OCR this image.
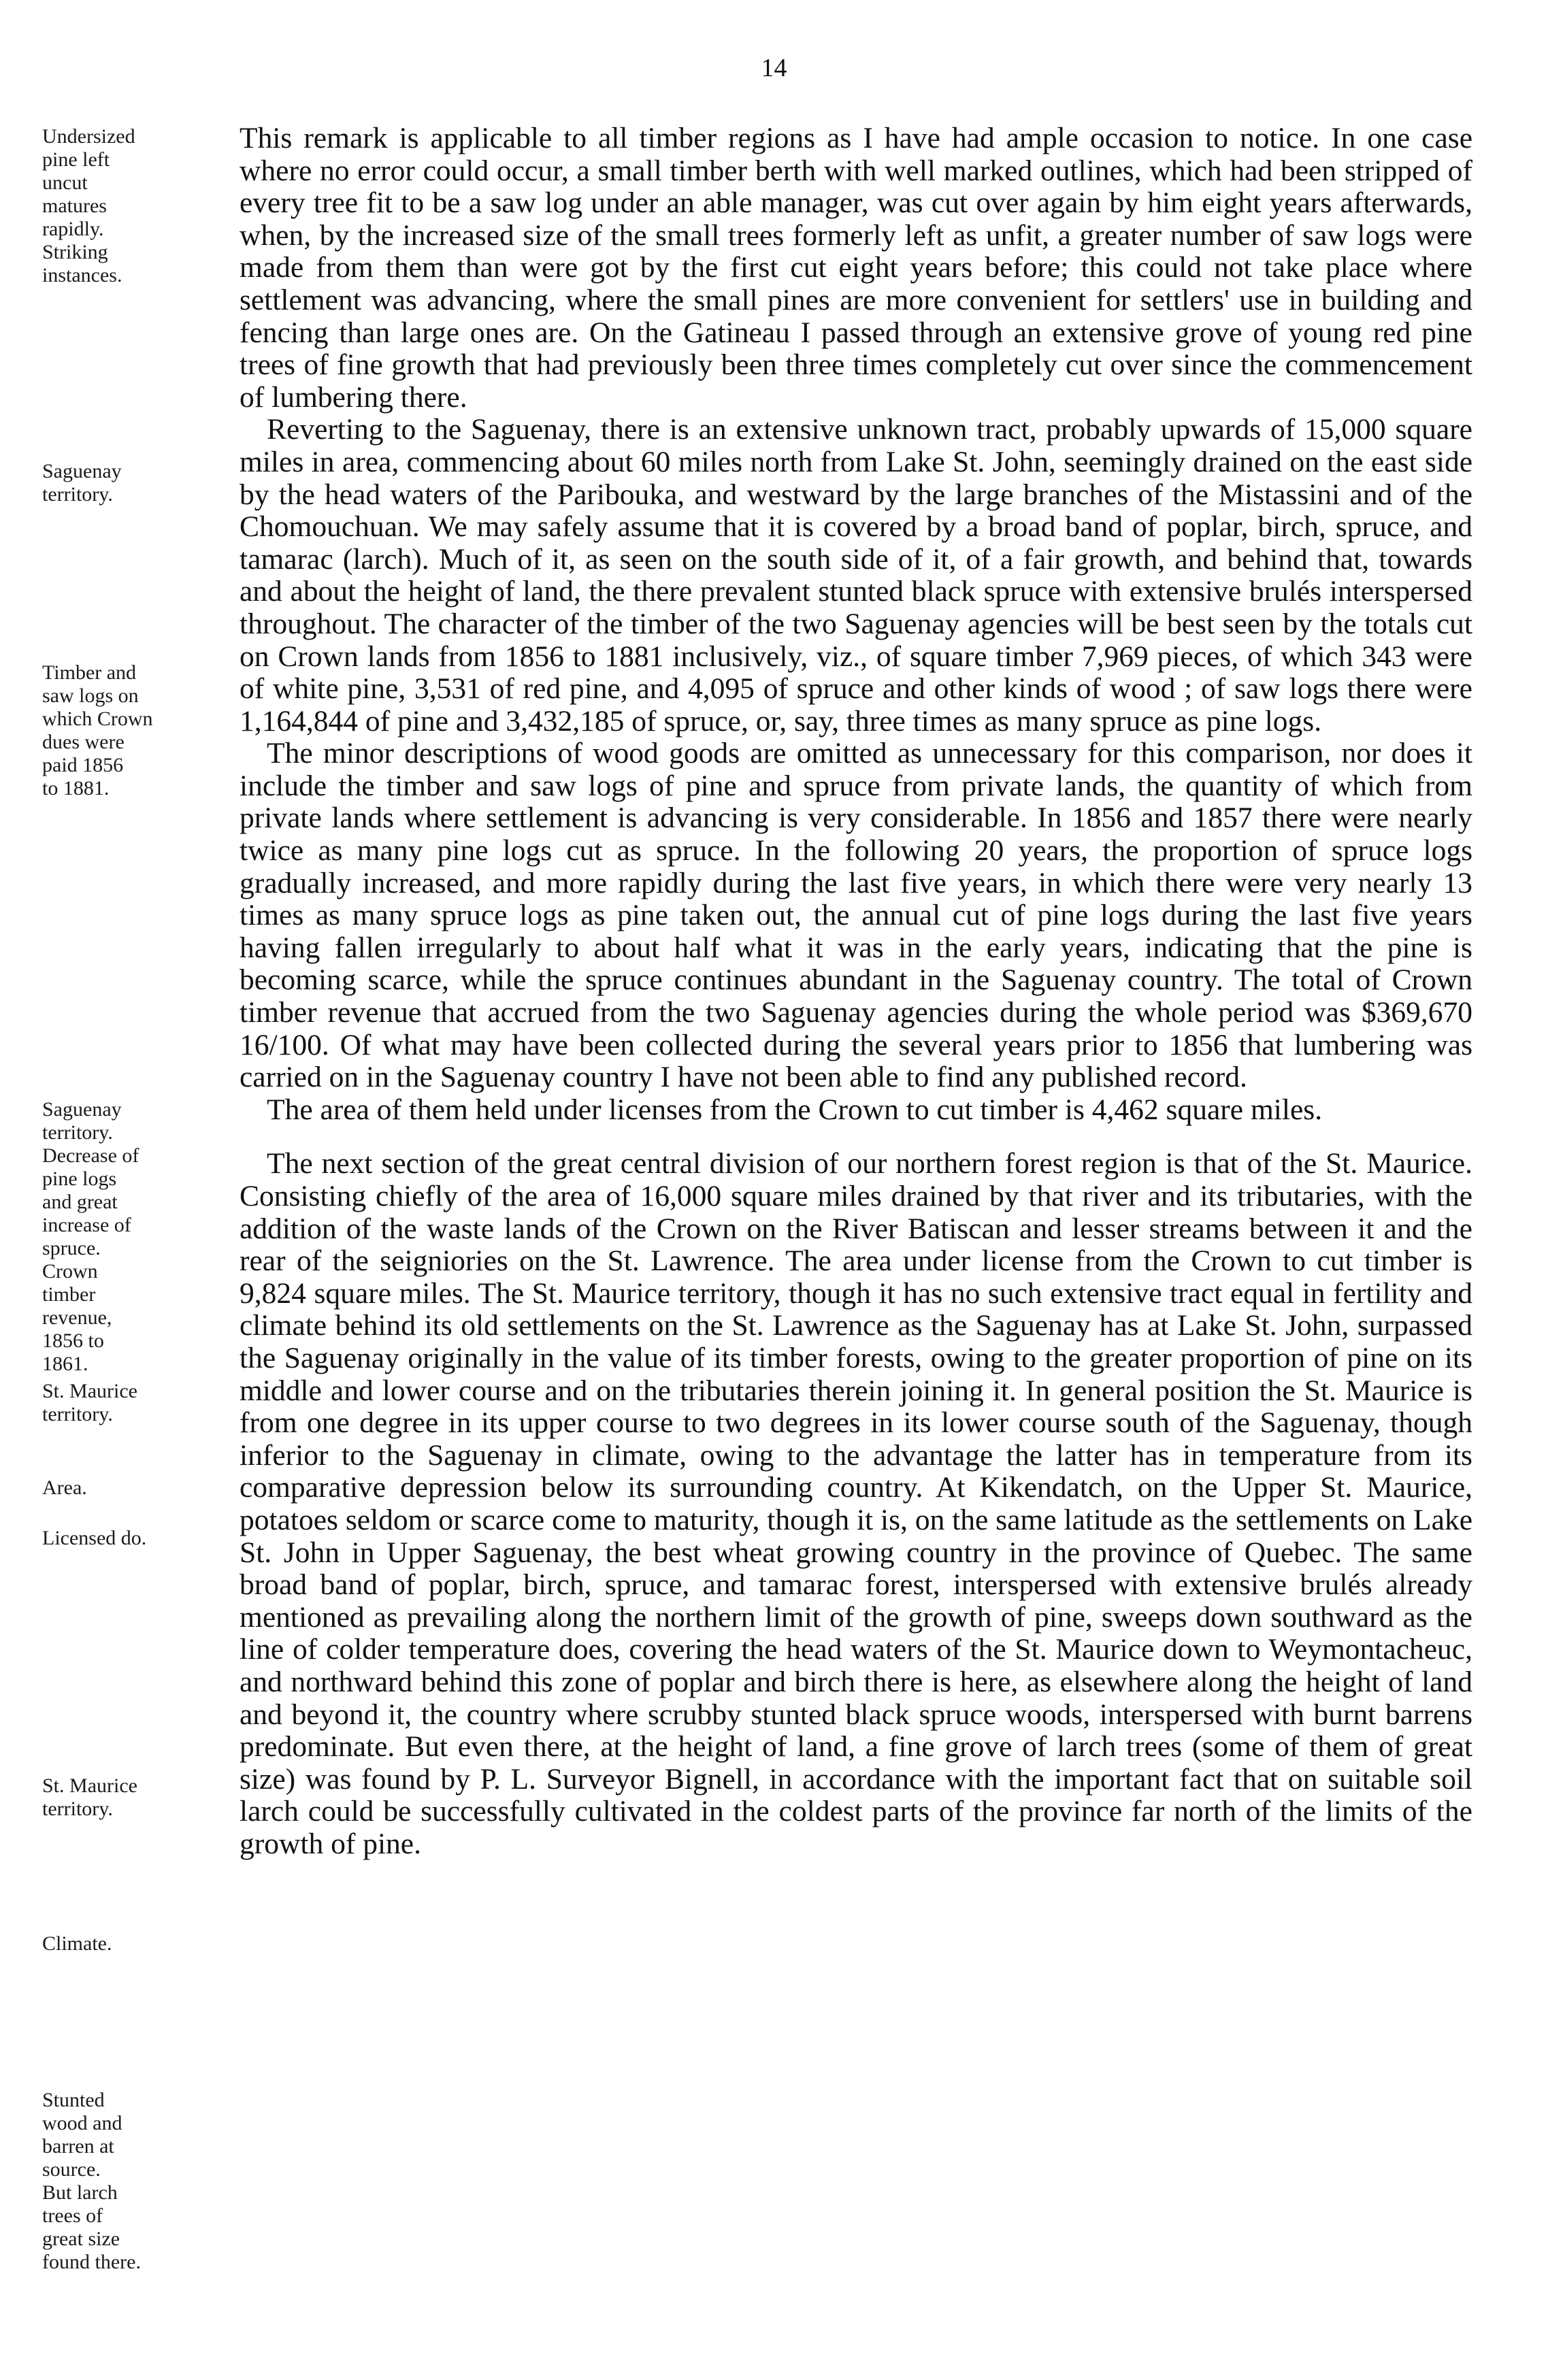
14
Undersized
pine left
uncut
matures
rapidly.
Striking
instances.
Saguenay
territory.
Timber and
saw logs on
which Crown
dues were
paid 1856
to 1881.
Saguenay
territory.
Decrease of
pine logs
and great
increase of
spruce.
Crown
timber
revenue,
1856 to
1861.
St. Maurice
territory.
Area.
Licensed do.
St. Maurice
territory.
Climate.
Stunted
wood and
barren at
source.
But larch
trees of
great size
found there.

This remark is applicable to all timber regions as I have had ample occasion to notice. In one case where no error could occur, a small timber berth with well marked outlines, which had been stripped of every tree fit to be a saw log under an able manager, was cut over again by him eight years afterwards, when, by the increased size of the small trees formerly left as unfit, a greater number of saw logs were made from them than were got by the first cut eight years before; this could not take place where settlement was advancing, where the small pines are more convenient for settlers' use in building and fencing than large ones are. On the Gatineau I passed through an extensive grove of young red pine trees of fine growth that had previously been three times completely cut over since the commencement of lumbering there.

Reverting to the Saguenay, there is an extensive unknown tract, probably upwards of 15,000 square miles in area, commencing about 60 miles north from Lake St. John, seemingly drained on the east side by the head waters of the Paribouka, and westward by the large branches of the Mistassini and of the Chomouchuan. We may safely assume that it is covered by a broad band of poplar, birch, spruce, and tamarac (larch). Much of it, as seen on the south side of it, of a fair growth, and behind that, towards and about the height of land, the there prevalent stunted black spruce with extensive brulés interspersed throughout. The character of the timber of the two Saguenay agencies will be best seen by the totals cut on Crown lands from 1856 to 1881 inclusively, viz., of square timber 7,969 pieces, of which 343 were of white pine, 3,531 of red pine, and 4,095 of spruce and other kinds of wood ; of saw logs there were 1,164,844 of pine and 3,432,185 of spruce, or, say, three times as many spruce as pine logs.

The minor descriptions of wood goods are omitted as unnecessary for this comparison, nor does it include the timber and saw logs of pine and spruce from private lands, the quantity of which from private lands where settlement is advancing is very considerable. In 1856 and 1857 there were nearly twice as many pine logs cut as spruce. In the following 20 years, the proportion of spruce logs gradually increased, and more rapidly during the last five years, in which there were very nearly 13 times as many spruce logs as pine taken out, the annual cut of pine logs during the last five years having fallen irregularly to about half what it was in the early years, indicating that the pine is becoming scarce, while the spruce continues abundant in the Saguenay country. The total of Crown timber revenue that accrued from the two Saguenay agencies during the whole period was $369,670 16/100. Of what may have been collected during the several years prior to 1856 that lumbering was carried on in the Saguenay country I have not been able to find any published record.

The area of them held under licenses from the Crown to cut timber is 4,462 square miles.

The next section of the great central division of our northern forest region is that of the St. Maurice. Consisting chiefly of the area of 16,000 square miles drained by that river and its tributaries, with the addition of the waste lands of the Crown on the River Batiscan and lesser streams between it and the rear of the seigniories on the St. Lawrence. The area under license from the Crown to cut timber is 9,824 square miles. The St. Maurice territory, though it has no such extensive tract equal in fertility and climate behind its old settlements on the St. Lawrence as the Saguenay has at Lake St. John, surpassed the Saguenay originally in the value of its timber forests, owing to the greater proportion of pine on its middle and lower course and on the tributaries therein joining it. In general position the St. Maurice is from one degree in its upper course to two degrees in its lower course south of the Saguenay, though inferior to the Saguenay in climate, owing to the advantage the latter has in temperature from its comparative depression below its surrounding country. At Kikendatch, on the Upper St. Maurice, potatoes seldom or scarce come to maturity, though it is, on the same latitude as the settlements on Lake St. John in Upper Saguenay, the best wheat growing country in the province of Quebec. The same broad band of poplar, birch, spruce, and tamarac forest, interspersed with extensive brulés already mentioned as prevailing along the northern limit of the growth of pine, sweeps down southward as the line of colder temperature does, covering the head waters of the St. Maurice down to Weymontacheuc, and northward behind this zone of poplar and birch there is here, as elsewhere along the height of land and beyond it, the country where scrubby stunted black spruce woods, interspersed with burnt barrens predominate. But even there, at the height of land, a fine grove of larch trees (some of them of great size) was found by P. L. Surveyor Bignell, in accordance with the important fact that on suitable soil larch could be successfully cultivated in the coldest parts of the province far north of the limits of the growth of pine.
